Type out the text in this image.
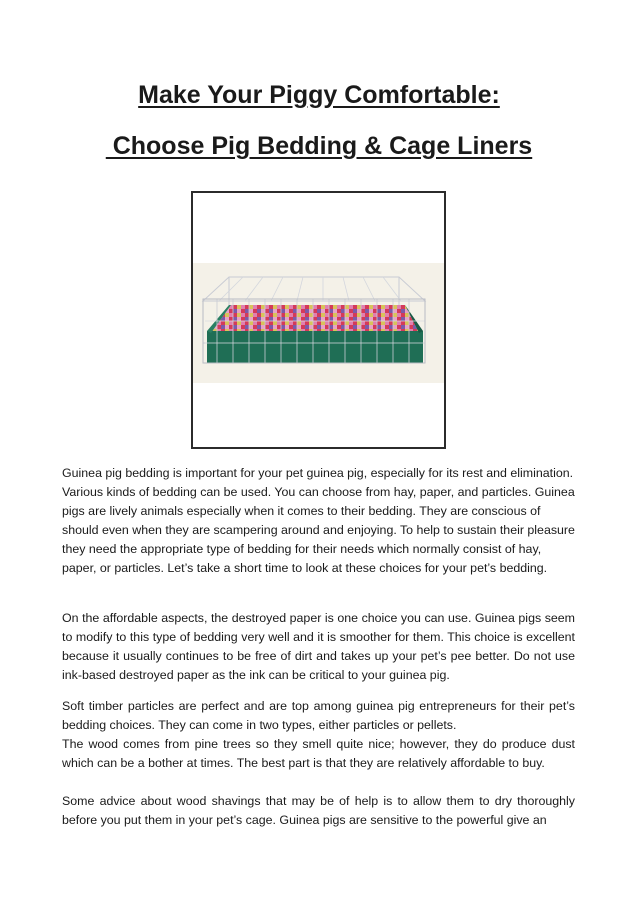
Make Your Piggy Comfortable:
Choose Pig Bedding & Cage Liners

Guinea pig bedding is important for your pet guinea pig, especially for its rest and elimination. Various kinds of bedding can be used. You can choose from hay, paper, and particles. Guinea pigs are lively animals especially when it comes to their bedding. They are conscious of should even when they are scampering around and enjoying. To help to sustain their pleasure they need the appropriate type of bedding for their needs which normally consist of hay, paper, or particles. Let’s take a short time to look at these choices for your pet’s bedding.

On the affordable aspects, the destroyed paper is one choice you can use. Guinea pigs seem to modify to this type of bedding very well and it is smoother for them. This choice is excellent because it usually continues to be free of dirt and takes up your pet’s pee better. Do not use ink-based destroyed paper as the ink can be critical to your guinea pig.

Soft timber particles are perfect and are top among guinea pig entrepreneurs for their pet’s bedding choices. They can come in two types, either particles or pellets.
The wood comes from pine trees so they smell quite nice; however, they do produce dust which can be a bother at times. The best part is that they are relatively affordable to buy.

Some advice about wood shavings that may be of help is to allow them to dry thoroughly before you put them in your pet’s cage. Guinea pigs are sensitive to the powerful give an
